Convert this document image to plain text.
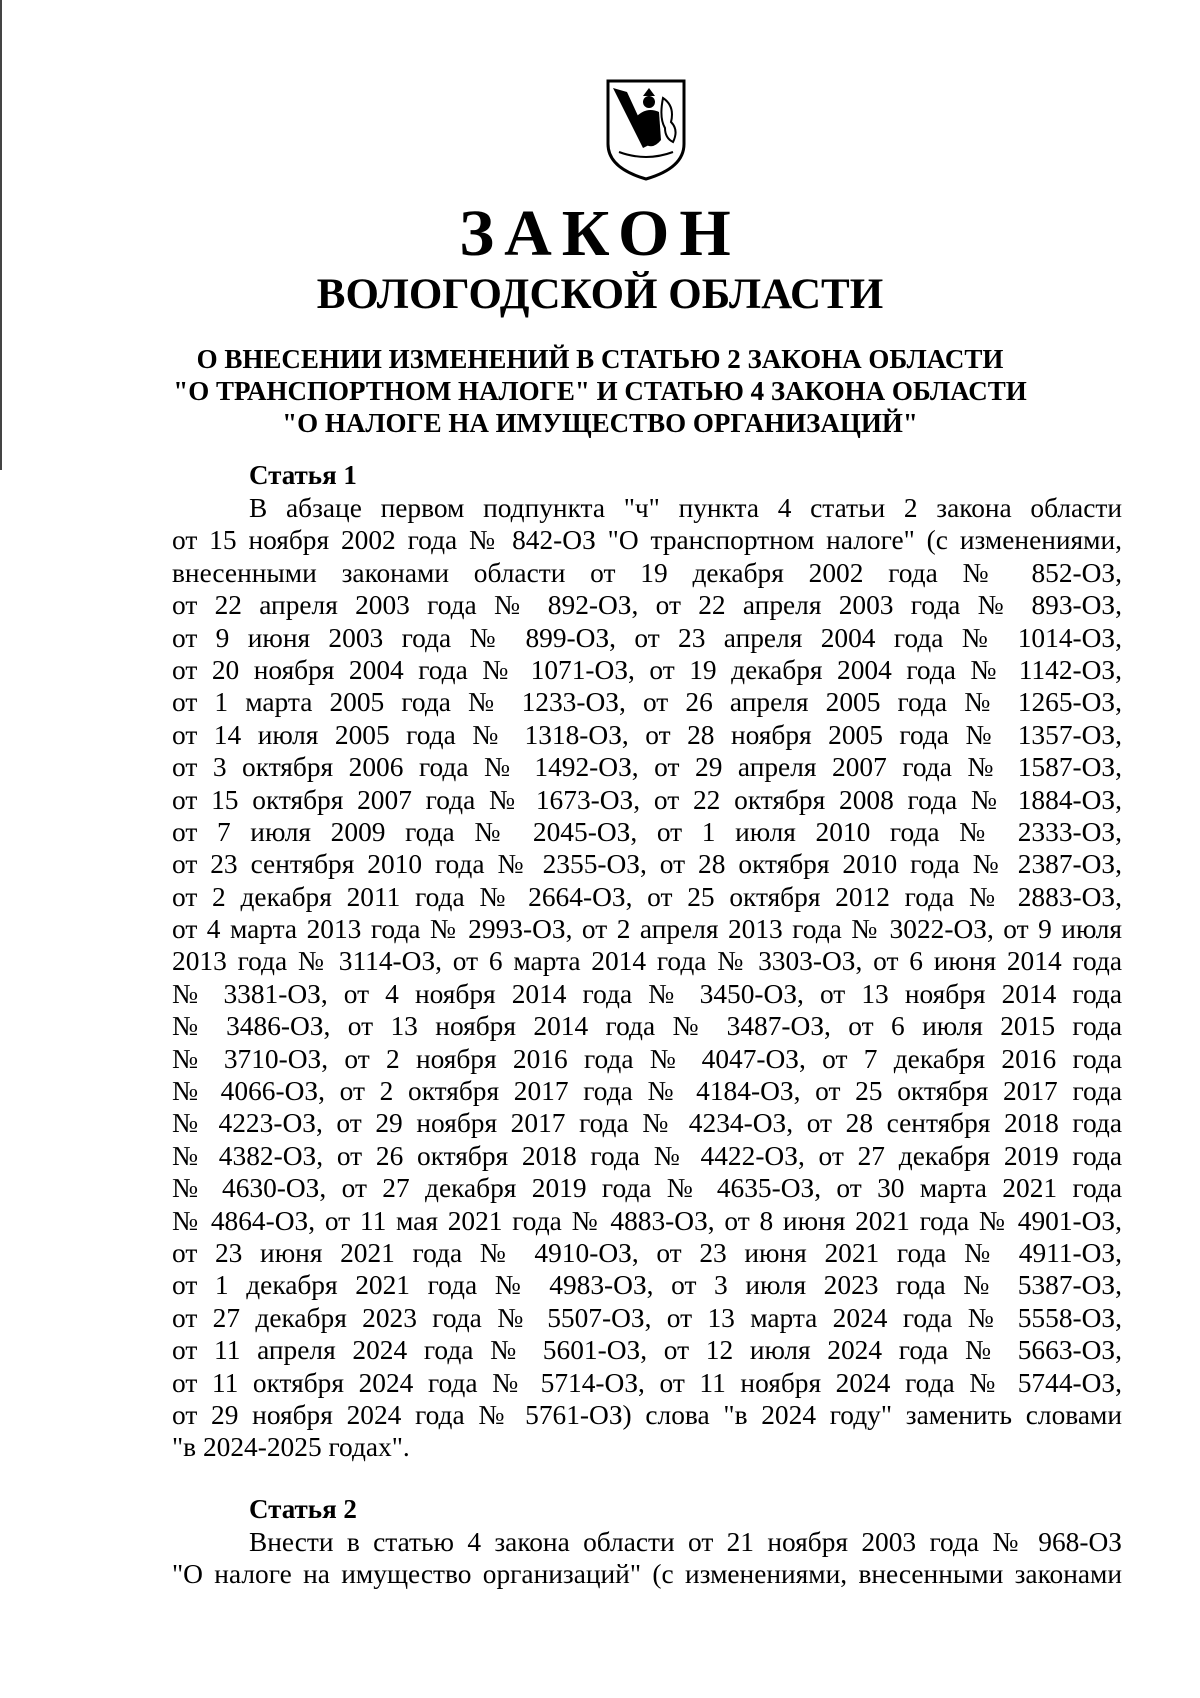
ЗАКОН
ВОЛОГОДСКОЙ ОБЛАСТИ
О ВНЕСЕНИИ ИЗМЕНЕНИЙ В СТАТЬЮ 2 ЗАКОНА ОБЛАСТИ
"О ТРАНСПОРТНОМ НАЛОГЕ" И СТАТЬЮ 4 ЗАКОНА ОБЛАСТИ
"О НАЛОГЕ НА ИМУЩЕСТВО ОРГАНИЗАЦИЙ"
Статья 1
В абзаце первом подпункта "ч" пункта 4 статьи 2 закона области
от 15 ноября 2002 года № 842-ОЗ "О транспортном налоге" (с изменениями,
внесенными законами области от 19 декабря 2002 года № 852-ОЗ,
от 22 апреля 2003 года № 892-ОЗ, от 22 апреля 2003 года № 893-ОЗ,
от 9 июня 2003 года № 899-ОЗ, от 23 апреля 2004 года № 1014-ОЗ,
от 20 ноября 2004 года № 1071-ОЗ, от 19 декабря 2004 года № 1142-ОЗ,
от 1 марта 2005 года № 1233-ОЗ, от 26 апреля 2005 года № 1265-ОЗ,
от 14 июля 2005 года № 1318-ОЗ, от 28 ноября 2005 года № 1357-ОЗ,
от 3 октября 2006 года № 1492-ОЗ, от 29 апреля 2007 года № 1587-ОЗ,
от 15 октября 2007 года № 1673-ОЗ, от 22 октября 2008 года № 1884-ОЗ,
от 7 июля 2009 года № 2045-ОЗ, от 1 июля 2010 года № 2333-ОЗ,
от 23 сентября 2010 года № 2355-ОЗ, от 28 октября 2010 года № 2387-ОЗ,
от 2 декабря 2011 года № 2664-ОЗ, от 25 октября 2012 года № 2883-ОЗ,
от 4 марта 2013 года № 2993-ОЗ, от 2 апреля 2013 года № 3022-ОЗ, от 9 июля
2013 года № 3114-ОЗ, от 6 марта 2014 года № 3303-ОЗ, от 6 июня 2014 года
№ 3381-ОЗ, от 4 ноября 2014 года № 3450-ОЗ, от 13 ноября 2014 года
№ 3486-ОЗ, от 13 ноября 2014 года № 3487-ОЗ, от 6 июля 2015 года
№ 3710-ОЗ, от 2 ноября 2016 года № 4047-ОЗ, от 7 декабря 2016 года
№ 4066-ОЗ, от 2 октября 2017 года № 4184-ОЗ, от 25 октября 2017 года
№ 4223-ОЗ, от 29 ноября 2017 года № 4234-ОЗ, от 28 сентября 2018 года
№ 4382-ОЗ, от 26 октября 2018 года № 4422-ОЗ, от 27 декабря 2019 года
№ 4630-ОЗ, от 27 декабря 2019 года № 4635-ОЗ, от 30 марта 2021 года
№ 4864-ОЗ, от 11 мая 2021 года № 4883-ОЗ, от 8 июня 2021 года № 4901-ОЗ,
от 23 июня 2021 года № 4910-ОЗ, от 23 июня 2021 года № 4911-ОЗ,
от 1 декабря 2021 года № 4983-ОЗ, от 3 июля 2023 года № 5387-ОЗ,
от 27 декабря 2023 года № 5507-ОЗ, от 13 марта 2024 года № 5558-ОЗ,
от 11 апреля 2024 года № 5601-ОЗ, от 12 июля 2024 года № 5663-ОЗ,
от 11 октября 2024 года № 5714-ОЗ, от 11 ноября 2024 года № 5744-ОЗ,
от 29 ноября 2024 года № 5761-ОЗ) слова "в 2024 году" заменить словами
"в 2024-2025 годах".
Статья 2
Внести в статью 4 закона области от 21 ноября 2003 года № 968-ОЗ
"О налоге на имущество организаций" (с изменениями, внесенными законами
